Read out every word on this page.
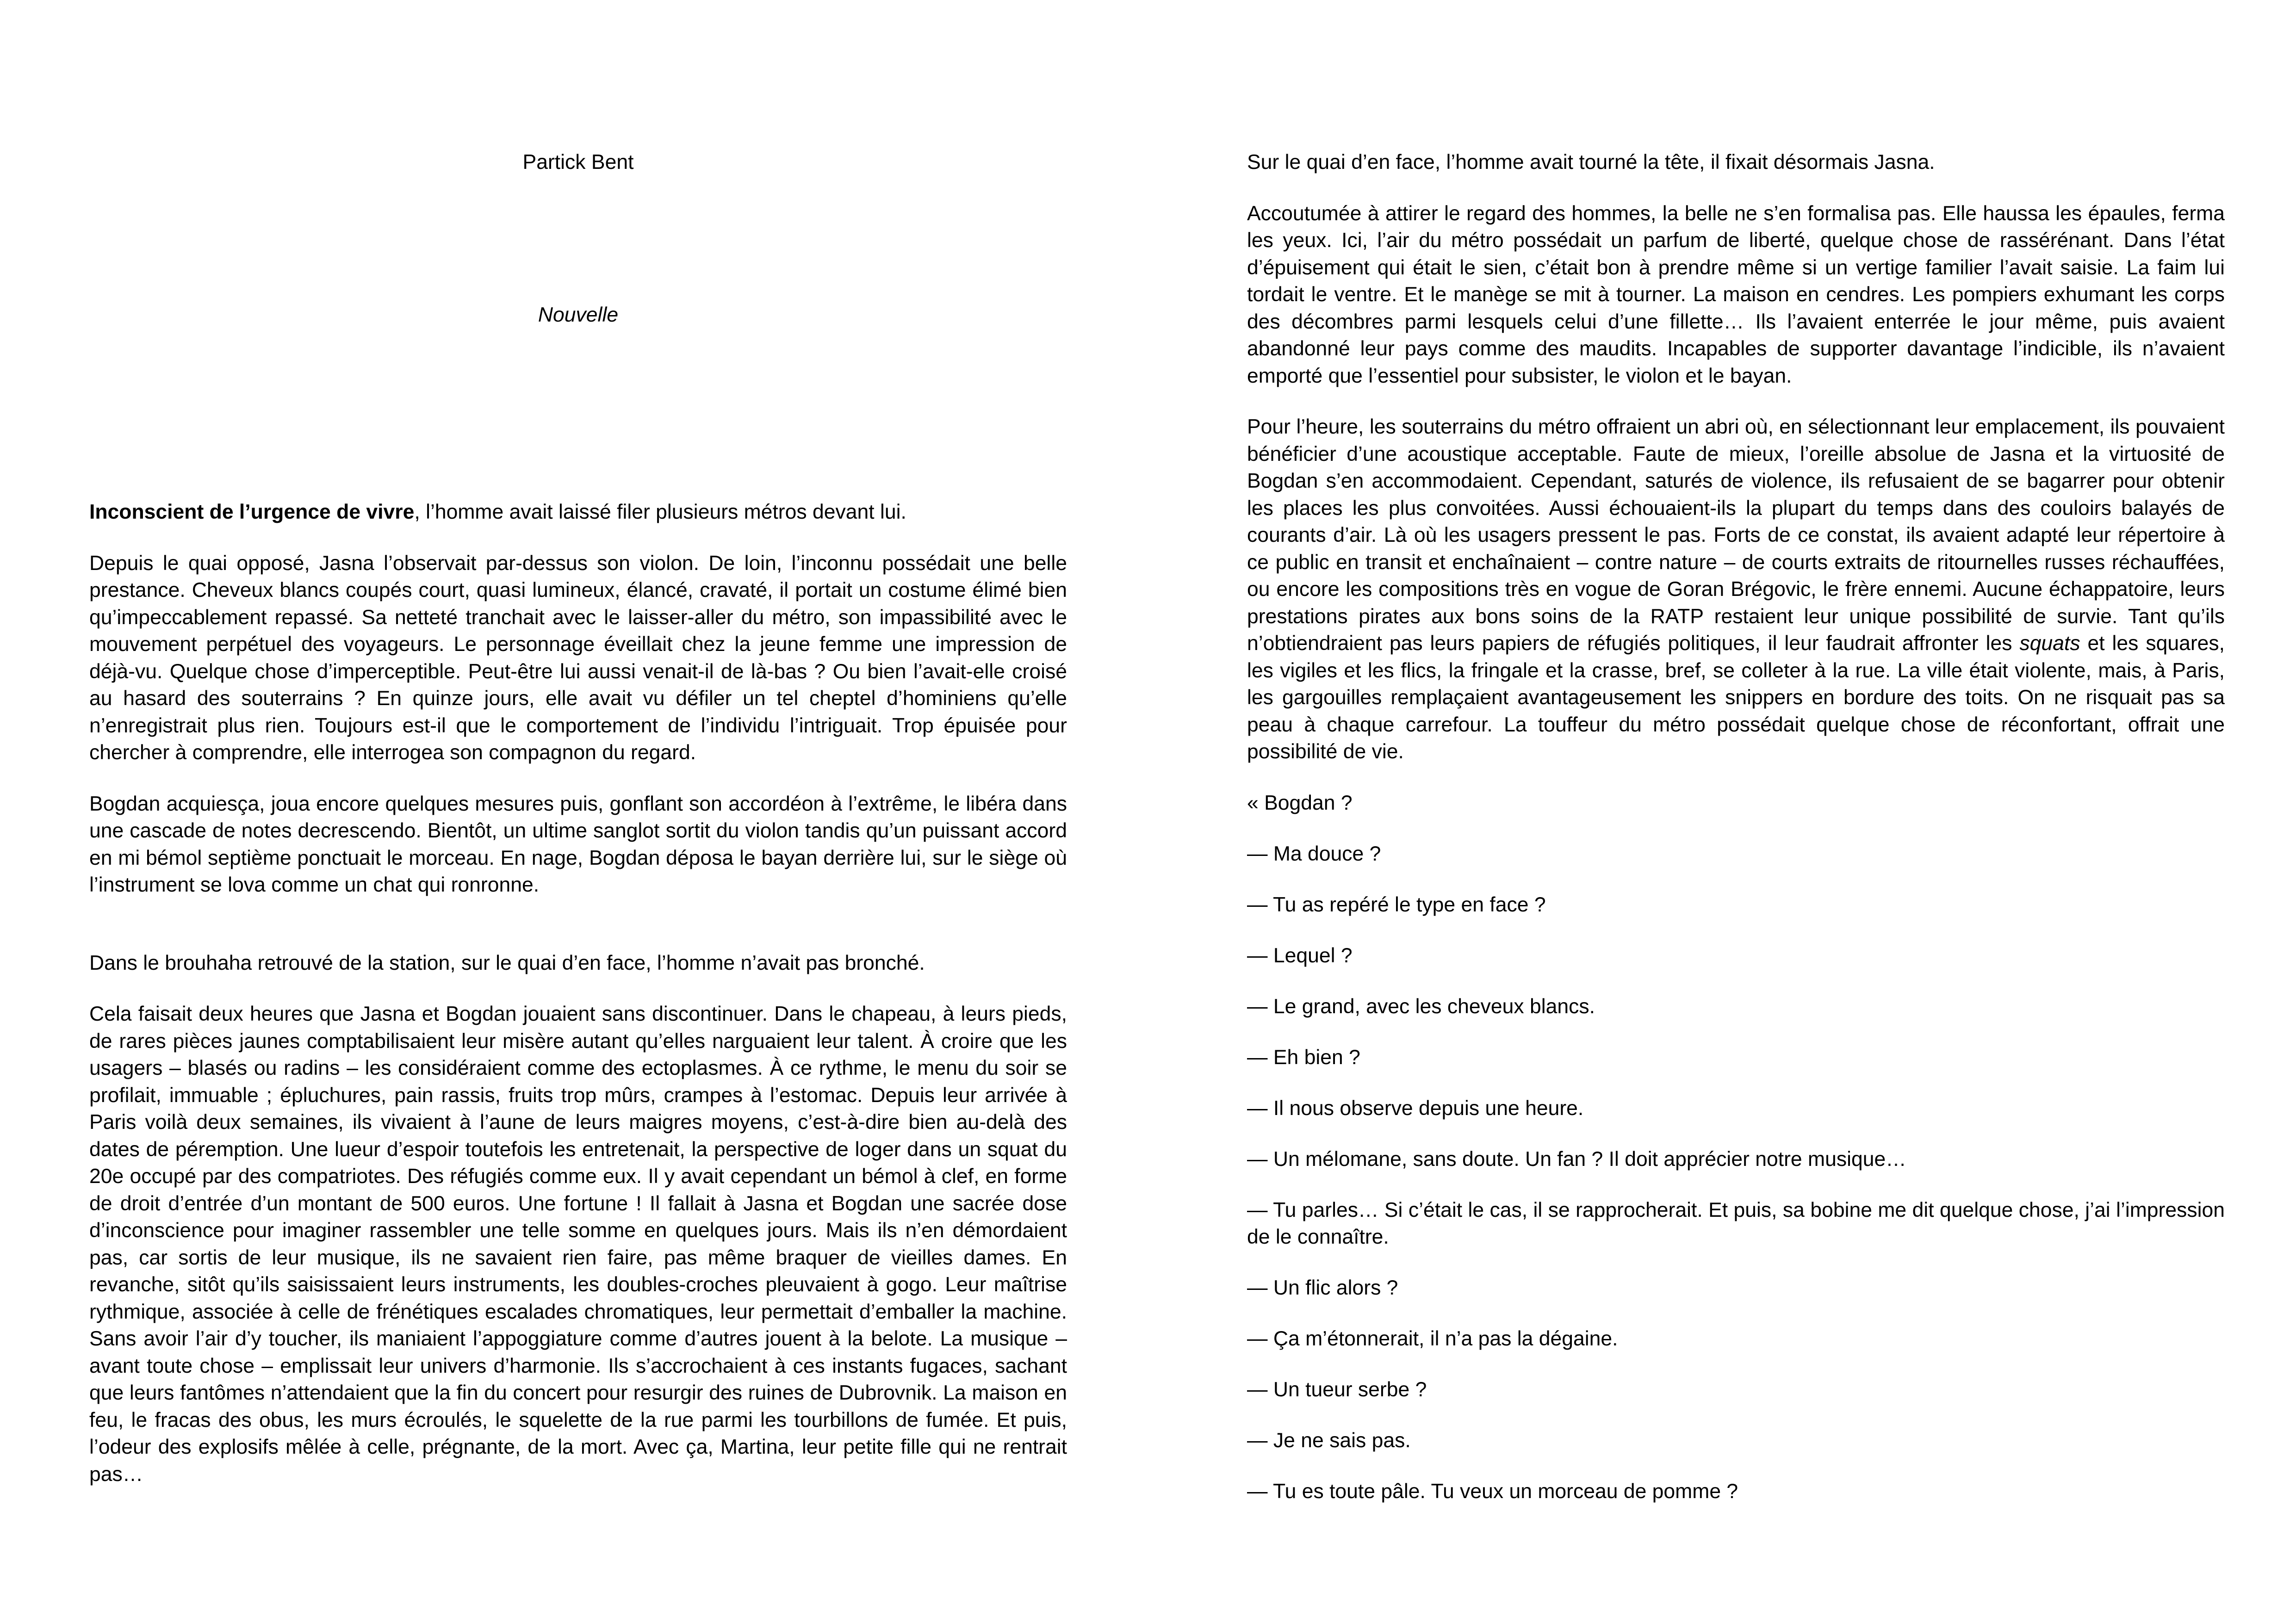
Partick Bent
Nouvelle

Inconscient de l’urgence de vivre, l’homme avait laissé filer plusieurs métros devant lui.

Depuis le quai opposé, Jasna l’observait par-dessus son violon. De loin, l’inconnu possédait une belle prestance. Cheveux blancs coupés court, quasi lumineux, élancé, cravaté, il portait un costume élimé bien qu’impeccablement repassé. Sa netteté tranchait avec le laisser-aller du métro, son impassibilité avec le mouvement perpétuel des voyageurs. Le personnage éveillait chez la jeune femme une impression de déjà-vu. Quelque chose d’imperceptible. Peut-être lui aussi venait-il de là-bas ? Ou bien l’avait-elle croisé au hasard des souterrains ? En quinze jours, elle avait vu défiler un tel cheptel d’hominiens qu’elle n’enregistrait plus rien. Toujours est-il que le comportement de l’individu l’intriguait. Trop épuisée pour chercher à comprendre, elle interrogea son compagnon du regard.

Bogdan acquiesça, joua encore quelques mesures puis, gonflant son accordéon à l’extrême, le libéra dans une cascade de notes decrescendo. Bientôt, un ultime sanglot sortit du violon tandis qu’un puissant accord en mi bémol septième ponctuait le morceau. En nage, Bogdan déposa le bayan derrière lui, sur le siège où l’instrument se lova comme un chat qui ronronne.

Dans le brouhaha retrouvé de la station, sur le quai d’en face, l’homme n’avait pas bronché.

Cela faisait deux heures que Jasna et Bogdan jouaient sans discontinuer. Dans le chapeau, à leurs pieds, de rares pièces jaunes comptabilisaient leur misère autant qu’elles narguaient leur talent. À croire que les usagers – blasés ou radins – les considéraient comme des ectoplasmes. À ce rythme, le menu du soir se profilait, immuable ; épluchures, pain rassis, fruits trop mûrs, crampes à l’estomac. Depuis leur arrivée à Paris voilà deux semaines, ils vivaient à l’aune de leurs maigres moyens, c’est-à-dire bien au-delà des dates de péremption. Une lueur d’espoir toutefois les entretenait, la perspective de loger dans un squat du 20e occupé par des compatriotes. Des réfugiés comme eux. Il y avait cependant un bémol à clef, en forme de droit d’entrée d’un montant de 500 euros. Une fortune ! Il fallait à Jasna et Bogdan une sacrée dose d’inconscience pour imaginer rassembler une telle somme en quelques jours. Mais ils n’en démordaient pas, car sortis de leur musique, ils ne savaient rien faire, pas même braquer de vieilles dames. En revanche, sitôt qu’ils saisissaient leurs instruments, les doubles-croches pleuvaient à gogo. Leur maîtrise rythmique, associée à celle de frénétiques escalades chromatiques, leur permettait d’emballer la machine. Sans avoir l’air d’y toucher, ils maniaient l’appoggiature comme d’autres jouent à la belote. La musique – avant toute chose – emplissait leur univers d’harmonie. Ils s’accrochaient à ces instants fugaces, sachant que leurs fantômes n’attendaient que la fin du concert pour resurgir des ruines de Dubrovnik. La maison en feu, le fracas des obus, les murs écroulés, le squelette de la rue parmi les tourbillons de fumée. Et puis, l’odeur des explosifs mêlée à celle, prégnante, de la mort. Avec ça, Martina, leur petite fille qui ne rentrait pas…

Sur le quai d’en face, l’homme avait tourné la tête, il fixait désormais Jasna.

Accoutumée à attirer le regard des hommes, la belle ne s’en formalisa pas. Elle haussa les épaules, ferma les yeux. Ici, l’air du métro possédait un parfum de liberté, quelque chose de rassérénant. Dans l’état d’épuisement qui était le sien, c’était bon à prendre même si un vertige familier l’avait saisie. La faim lui tordait le ventre. Et le manège se mit à tourner. La maison en cendres. Les pompiers exhumant les corps des décombres parmi lesquels celui d’une fillette… Ils l’avaient enterrée le jour même, puis avaient abandonné leur pays comme des maudits. Incapables de supporter davantage l’indicible, ils n’avaient emporté que l’essentiel pour subsister, le violon et le bayan.

Pour l’heure, les souterrains du métro offraient un abri où, en sélectionnant leur emplacement, ils pouvaient bénéficier d’une acoustique acceptable. Faute de mieux, l’oreille absolue de Jasna et la virtuosité de Bogdan s’en accommodaient. Cependant, saturés de violence, ils refusaient de se bagarrer pour obtenir les places les plus convoitées. Aussi échouaient-ils la plupart du temps dans des couloirs balayés de courants d’air. Là où les usagers pressent le pas. Forts de ce constat, ils avaient adapté leur répertoire à ce public en transit et enchaînaient – contre nature – de courts extraits de ritournelles russes réchauffées, ou encore les compositions très en vogue de Goran Brégovic, le frère ennemi. Aucune échappatoire, leurs prestations pirates aux bons soins de la RATP restaient leur unique possibilité de survie. Tant qu’ils n’obtiendraient pas leurs papiers de réfugiés politiques, il leur faudrait affronter les squats et les squares, les vigiles et les flics, la fringale et la crasse, bref, se colleter à la rue. La ville était violente, mais, à Paris, les gargouilles remplaçaient avantageusement les snippers en bordure des toits. On ne risquait pas sa peau à chaque carrefour. La touffeur du métro possédait quelque chose de réconfortant, offrait une possibilité de vie.

« Bogdan ?

— Ma douce ?

— Tu as repéré le type en face ?

— Lequel ?

— Le grand, avec les cheveux blancs.

— Eh bien ?

— Il nous observe depuis une heure.

— Un mélomane, sans doute. Un fan ? Il doit apprécier notre musique…

— Tu parles… Si c’était le cas, il se rapprocherait. Et puis, sa bobine me dit quelque chose, j’ai l’impression de le connaître.

— Un flic alors ?

— Ça m’étonnerait, il n’a pas la dégaine.

— Un tueur serbe ?

— Je ne sais pas.

— Tu es toute pâle. Tu veux un morceau de pomme ?
